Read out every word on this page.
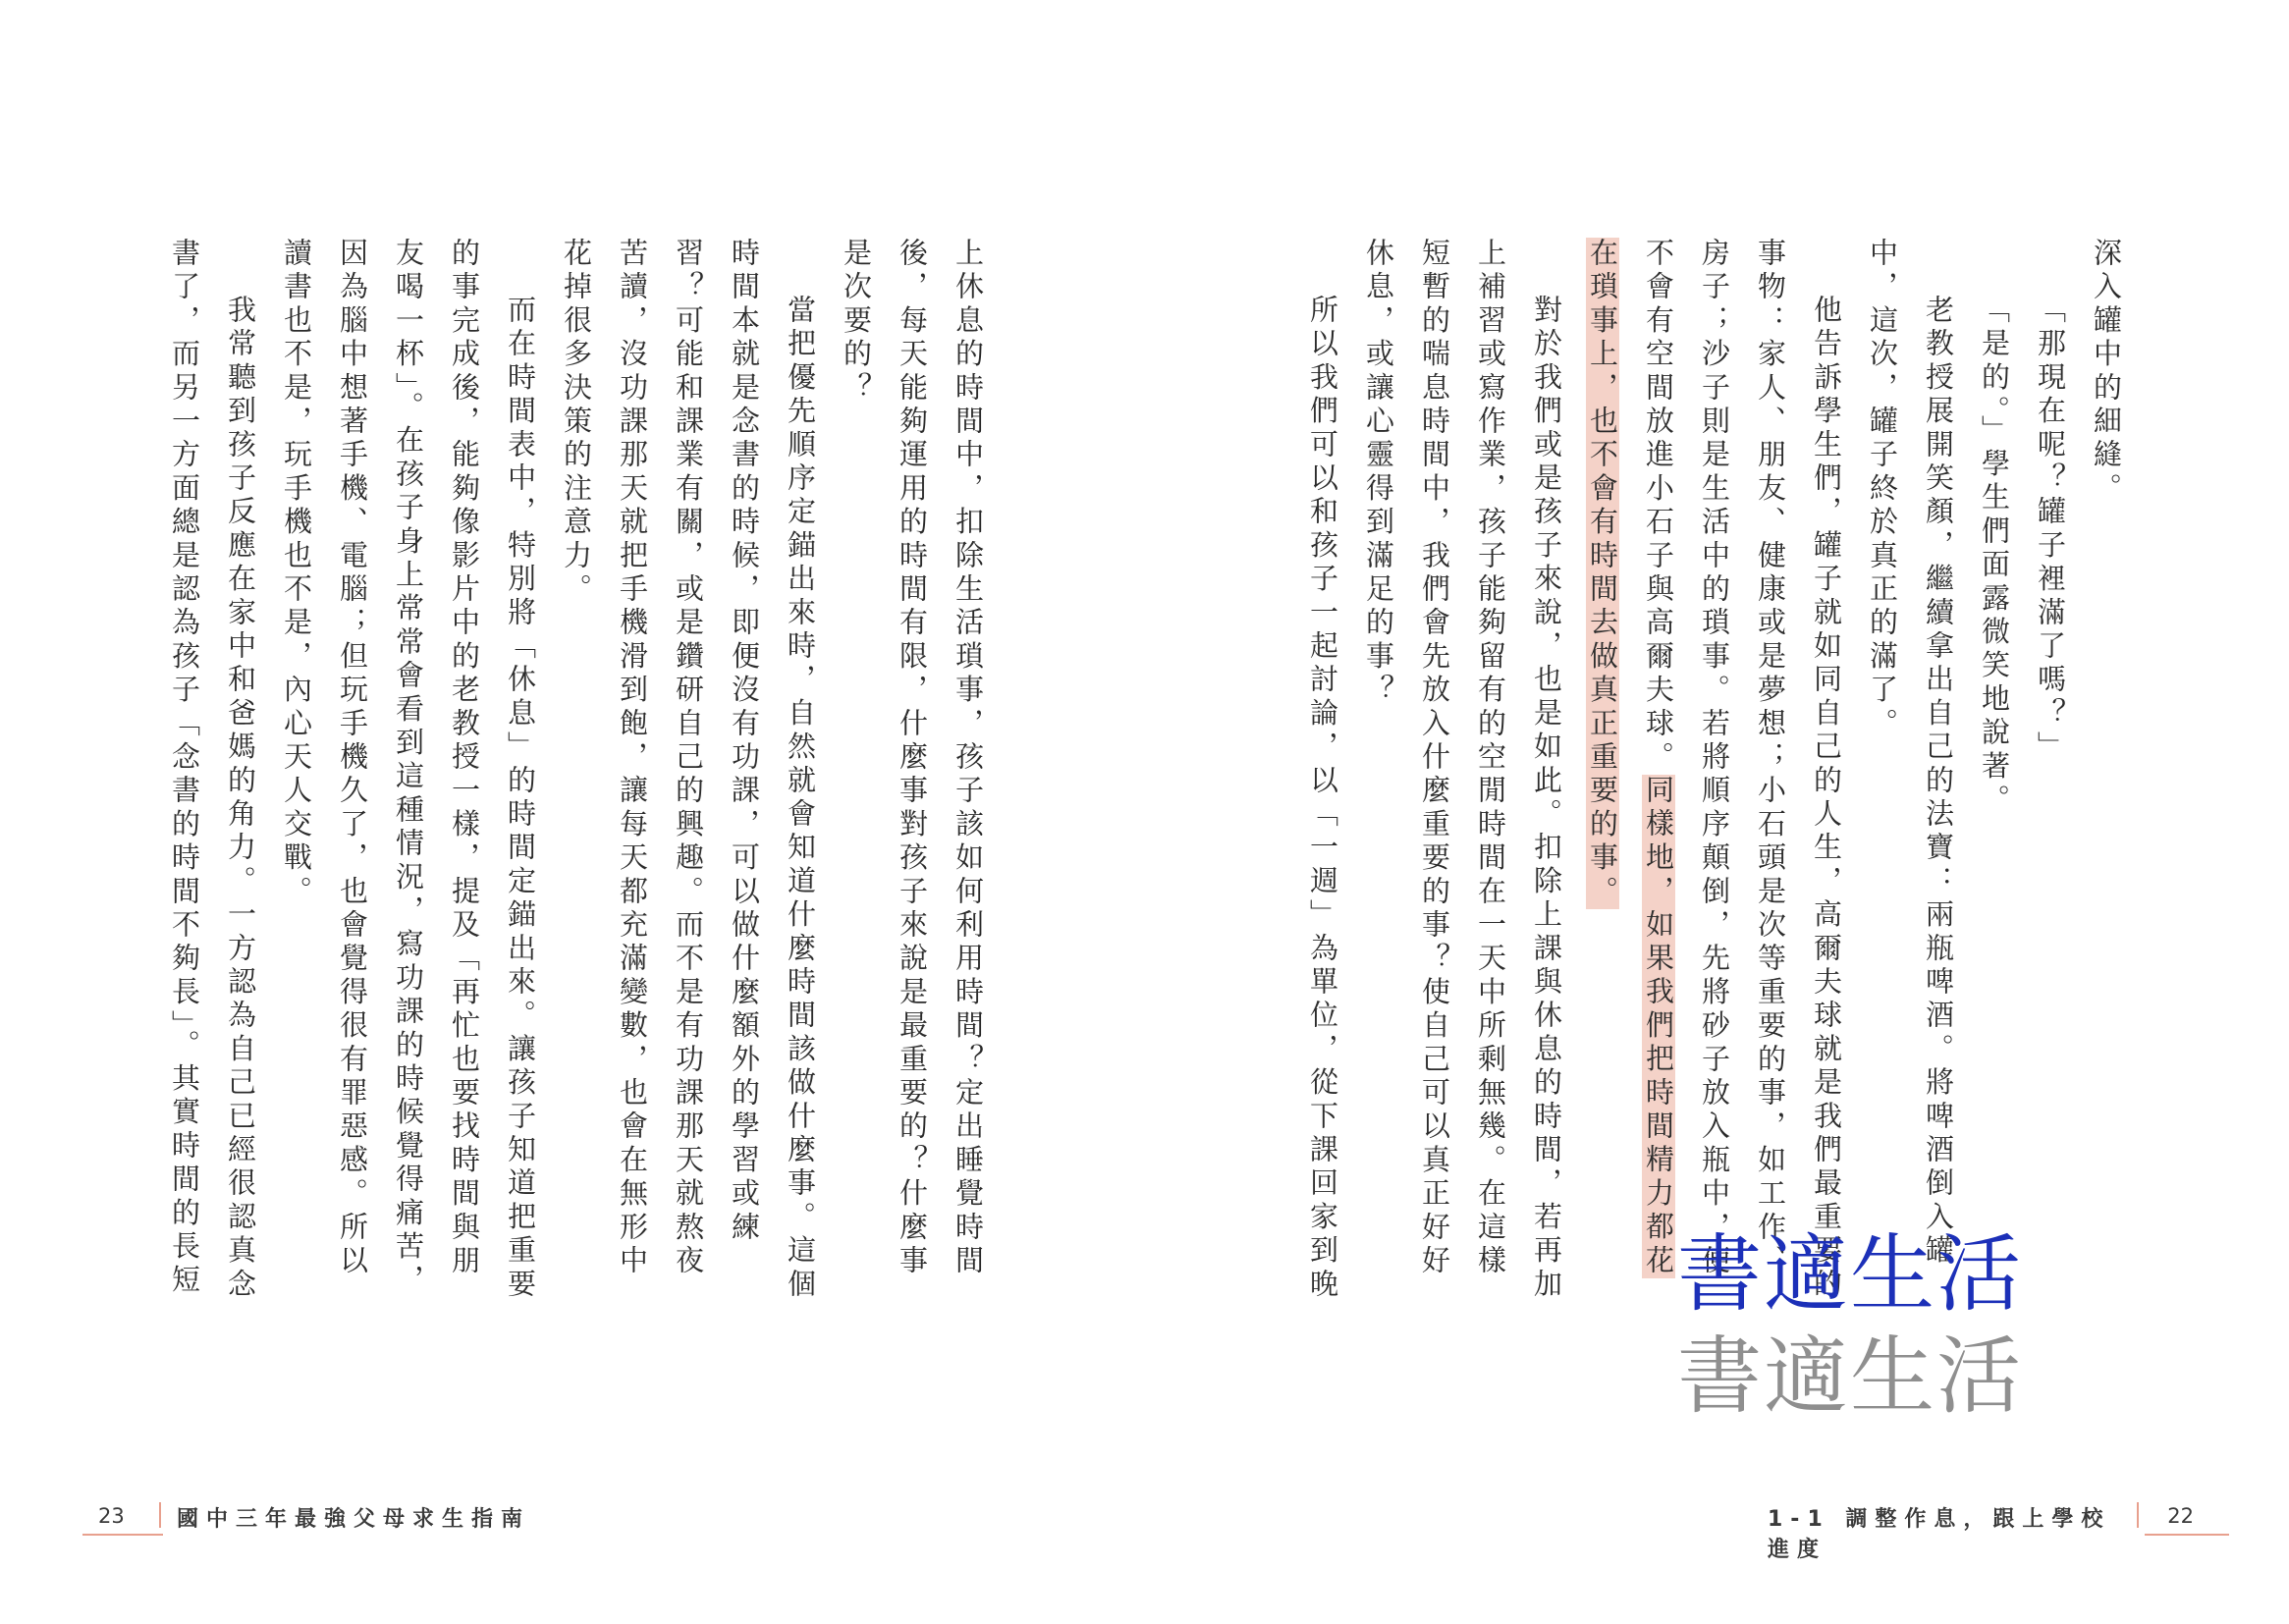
深入罐中的細縫。

「那現在呢？罐子裡滿了嗎？」

「是的。」學生們面露微笑地說著。

老教授展開笑顏，繼續拿出自己的法寶：兩瓶啤酒。將啤酒倒入罐中，這次，罐子終於真正的滿了。

他告訴學生們，罐子就如同自己的人生，高爾夫球就是我們最重要的事物：家人、朋友、健康或是夢想；小石頭是次等重要的事，如工作、房子；沙子則是生活中的瑣事。若將順序顛倒，先將砂子放入瓶中，便不會有空間放進小石子與高爾夫球。同樣地，如果我們把時間精力都花在瑣事上，也不會有時間去做真正重要的事。

對於我們或是孩子來說，也是如此。扣除上課與休息的時間，若再加上補習或寫作業，孩子能夠留有的空閒時間在一天中所剩無幾。在這樣短暫的喘息時間中，我們會先放入什麼重要的事？使自己可以真正好好休息，或讓心靈得到滿足的事？

所以我們可以和孩子一起討論，以「一週」為單位，從下課回家到晚

上休息的時間中，扣除生活瑣事，孩子該如何利用時間？定出睡覺時間後，每天能夠運用的時間有限，什麼事對孩子來說是最重要的？什麼事是次要的？

當把優先順序定錨出來時，自然就會知道什麼時間該做什麼事。這個時間本就是念書的時候，即便沒有功課，可以做什麼額外的學習或練習？可能和課業有關，或是鑽研自己的興趣。而不是有功課那天就熬夜苦讀，沒功課那天就把手機滑到飽，讓每天都充滿變數，也會在無形中花掉很多決策的注意力。

而在時間表中，特別將「休息」的時間定錨出來。讓孩子知道把重要的事完成後，能夠像影片中的老教授一樣，提及「再忙也要找時間與朋友喝一杯」。在孩子身上常常會看到這種情況，寫功課的時候覺得痛苦，因為腦中想著手機、電腦；但玩手機久了，也會覺得很有罪惡感。所以讀書也不是，玩手機也不是，內心天人交戰。

我常聽到孩子反應在家中和爸媽的角力。一方認為自己已經很認真念書了，而另一方面總是認為孩子「念書的時間不夠長」。其實時間的長短

23 國中三年最強父母求生指南	1-1 調整作息，跟上學校進度
22
書適生活
書適生活
